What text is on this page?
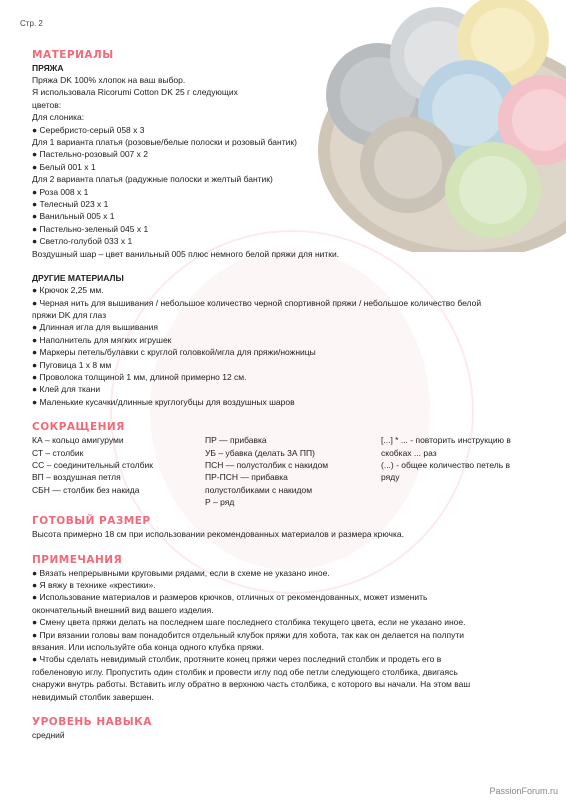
Стр. 2
МАТЕРИАЛЫ
ПРЯЖА

Пряжа DK 100% хлопок на ваш выбор.

Я использовала Ricorumi Cotton DK 25 г следующих

цветов:

Для слоника:

● Серебристо-серый 058 x 3

Для 1 варианта платья (розовые/белые полоски и розовый бантик)

● Пастельно-розовый 007 x 2

● Белый 001 x 1

Для 2 варианта платья (радужные полоски и желтый бантик)

● Роза 008 x 1

● Телесный 023 x 1

● Ванильный 005 x 1

● Пастельно-зеленый 045 x 1

● Светло-голубой 033 x 1

Воздушный шар – цвет ванильный 005 плюс немного белой пряжи для нитки.

ДРУГИЕ МАТЕРИАЛЫ

● Крючок 2,25 мм.

● Черная нить для вышивания / небольшое количество черной спортивной пряжи / небольшое количество белой

пряжи DK для глаз

● Длинная игла для вышивания

● Наполнитель для мягких игрушек

● Маркеры петель/булавки с круглой головкой/игла для пряжи/ножницы

● Пуговица 1 x 8 мм

● Проволока толщиной 1 мм, длиной примерно 12 см.

● Клей для ткани

● Маленькие кусачки/длинные круглогубцы для воздушных шаров

СОКРАЩЕНИЯ
КА – кольцо амигуруми
СТ – столбик
СС – соединительный столбик
ВП – воздушная петля
СБН — столбик без накида
ПР — прибавка
УБ – убавка (делать 3А ПП)
ПСН — полустолбик с накидом
ПР-ПСН — прибавка
полустолбиками с накидом
Р – ряд
[...] * ... - повторить инструкцию в
скобках ... раз
(...) - общее количество петель в
ряду
ГОТОВЫЙ РАЗМЕР

Высота примерно 18 см при использовании рекомендованных материалов и размера крючка.

ПРИМЕЧАНИЯ

● Вязать непрерывными круговыми рядами, если в схеме не указано иное.

● Я вяжу в технике «крестики».

● Использование материалов и размеров крючков, отличных от рекомендованных, может изменить

окончательный внешний вид вашего изделия.

● Смену цвета пряжи делать на последнем шаге последнего столбика текущего цвета, если не указано иное.

● При вязании головы вам понадобится отдельный клубок пряжи для хобота, так как он делается на полпути

вязания. Или используйте оба конца одного клубка пряжи.

● Чтобы сделать невидимый столбик, протяните конец пряжи через последний столбик и продеть его в

гобеленовую иглу. Пропустить один столбик и провести иглу под обе петли следующего столбика, двигаясь

снаружи внутрь работы. Вставить иглу обратно в верхнюю часть столбика, с которого вы начали. На этом ваш

невидимый столбик завершен.

УРОВЕНЬ НАВЫКА

средний

PassionForum.ru
